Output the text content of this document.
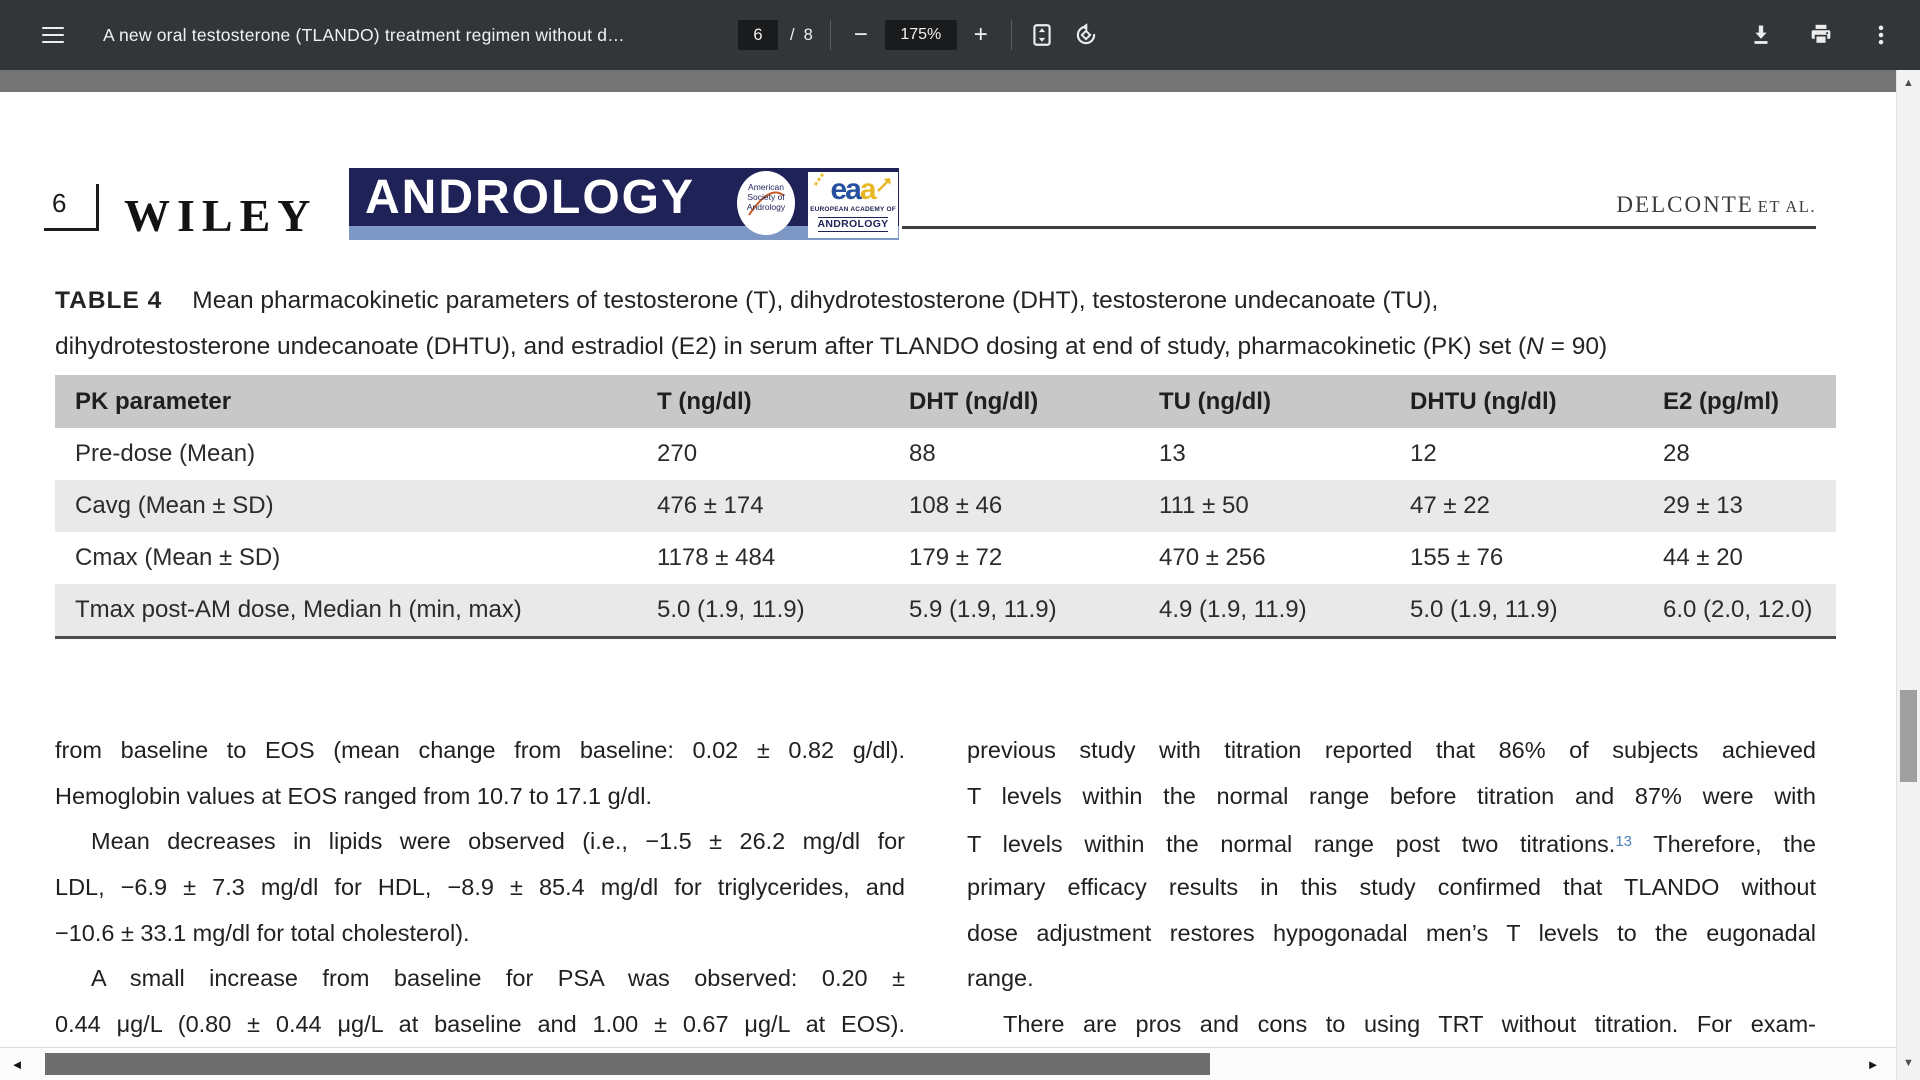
A new oral testosterone (TLANDO) treatment regimen without d…	6	/ 8 −	175%	+
6 WILEY ANDROLOGY	American
Society of
Andrology
★★★ eaa
EUROPEAN ACADEMY OF
ANDROLOGY
DELCONTE ET AL.
TABLE 4 Mean pharmacokinetic parameters of testosterone (T), dihydrotestosterone (DHT), testosterone undecanoate (TU),
dihydrotestosterone undecanoate (DHTU), and estradiol (E2) in serum after TLANDO dosing at end of study, pharmacokinetic (PK) set (N = 90)
PK parameter	T (ng/dl)	DHT (ng/dl)	TU (ng/dl)	DHTU (ng/dl)	E2 (pg/ml)
Pre-dose (Mean)	270	88	13	12	28
Cavg (Mean ± SD)	476 ± 174	108 ± 46	111 ± 50	47 ± 22	29 ± 13
Cmax (Mean ± SD)	1178 ± 484	179 ± 72	470 ± 256	155 ± 76	44 ± 20
Tmax post-AM dose, Median h (min, max)	5.0 (1.9, 11.9)	5.9 (1.9, 11.9)	4.9 (1.9, 11.9)	5.0 (1.9, 11.9)	6.0 (2.0, 12.0)
from baseline to EOS (mean change from baseline: 0.02 ± 0.82 g/dl).
Hemoglobin values at EOS ranged from 10.7 to 17.1 g/dl.
Mean decreases in lipids were observed (i.e., −1.5 ± 26.2 mg/dl for
LDL, −6.9 ± 7.3 mg/dl for HDL, −8.9 ± 85.4 mg/dl for triglycerides, and
−10.6 ± 33.1 mg/dl for total cholesterol).
A small increase from baseline for PSA was observed: 0.20 ±
0.44 μg/L (0.80 ± 0.44 μg/L at baseline and 1.00 ± 0.67 μg/L at EOS).
previous study with titration reported that 86% of subjects achieved
T levels within the normal range before titration and 87% were with
T levels within the normal range post two titrations.$^{13}$ Therefore, the
primary efficacy results in this study confirmed that TLANDO without
dose adjustment restores hypogonadal men’s T levels to the eugonadal
range.
There are pros and cons to using TRT without titration. For exam-
▲
▼
◄	►
